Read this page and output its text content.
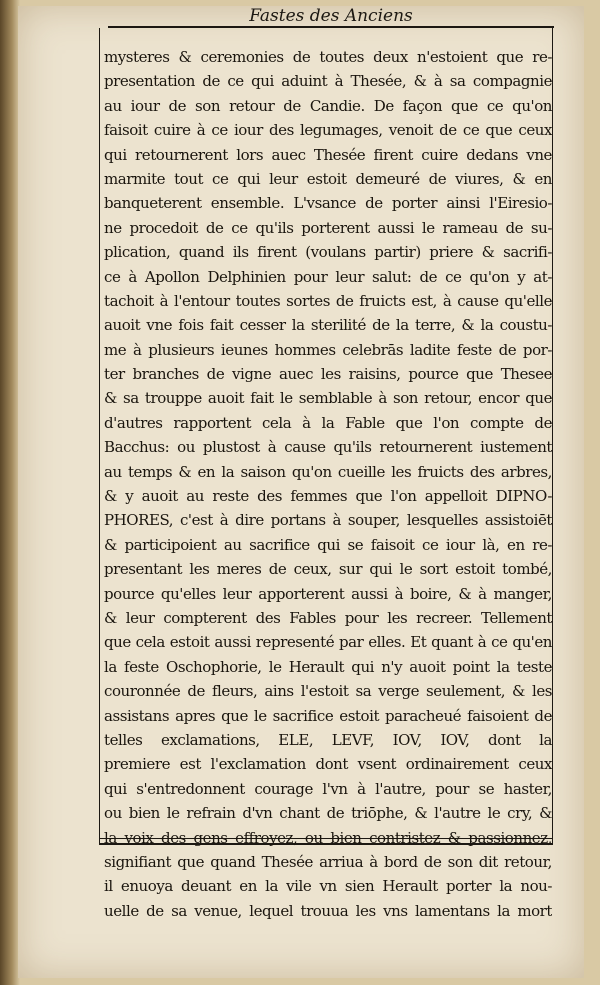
Fastes des Anciens
mysteres & ceremonies de toutes deux n'estoient que re-
presentation de ce qui aduint à Thesée, & à sa compagnie
au iour de son retour de Candie. De façon que ce qu'on
faisoit cuire à ce iour des legumages, venoit de ce que ceux
qui retournerent lors auec Thesée firent cuire dedans vne
marmite tout ce qui leur estoit demeuré de viures, & en
banqueterent ensemble. L'vsance de porter ainsi l'Eiresio-
ne procedoit de ce qu'ils porterent aussi le rameau de su-
plication, quand ils firent (voulans partir) priere & sacrifi-
ce à Apollon Delphinien pour leur salut: de ce qu'on y at-
tachoit à l'entour toutes sortes de fruicts est, à cause qu'elle
auoit vne fois fait cesser la sterilité de la terre, & la coustu-
me à plusieurs ieunes hommes celebrās ladite feste de por-
ter branches de vigne auec les raisins, pource que Thesee
& sa trouppe auoit fait le semblable à son retour, encor que
d'autres rapportent cela à la Fable que l'on compte de
Bacchus: ou plustost à cause qu'ils retournerent iustement
au temps & en la saison qu'on cueille les fruicts des arbres,
& y auoit au reste des femmes que l'on appelloit DIPNO-
PHORES, c'est à dire portans à souper, lesquelles assistoiēt
& participoient au sacrifice qui se faisoit ce iour là, en re-
presentant les meres de ceux, sur qui le sort estoit tombé,
pource qu'elles leur apporterent aussi à boire, & à manger,
& leur compterent des Fables pour les recreer. Tellement
que cela estoit aussi representé par elles. Et quant à ce qu'en
la feste Oschophorie, le Herault qui n'y auoit point la teste
couronnée de fleurs, ains l'estoit sa verge seulement, & les
assistans apres que le sacrifice estoit paracheué faisoient de
telles exclamations, ELE, LEVF, IOV, IOV, dont la
premiere est l'exclamation dont vsent ordinairement ceux
qui s'entredonnent courage l'vn à l'autre, pour se haster,
ou bien le refrain d'vn chant de triōphe, & l'autre le cry, &
la voix des gens effroyez, ou bien contristez & passionnez,
signifiant que quand Thesée arriua à bord de son dit retour,
il enuoya deuant en la vile vn sien Herault porter la nou-
uelle de sa venue, lequel trouua les vns lamentans la mort
